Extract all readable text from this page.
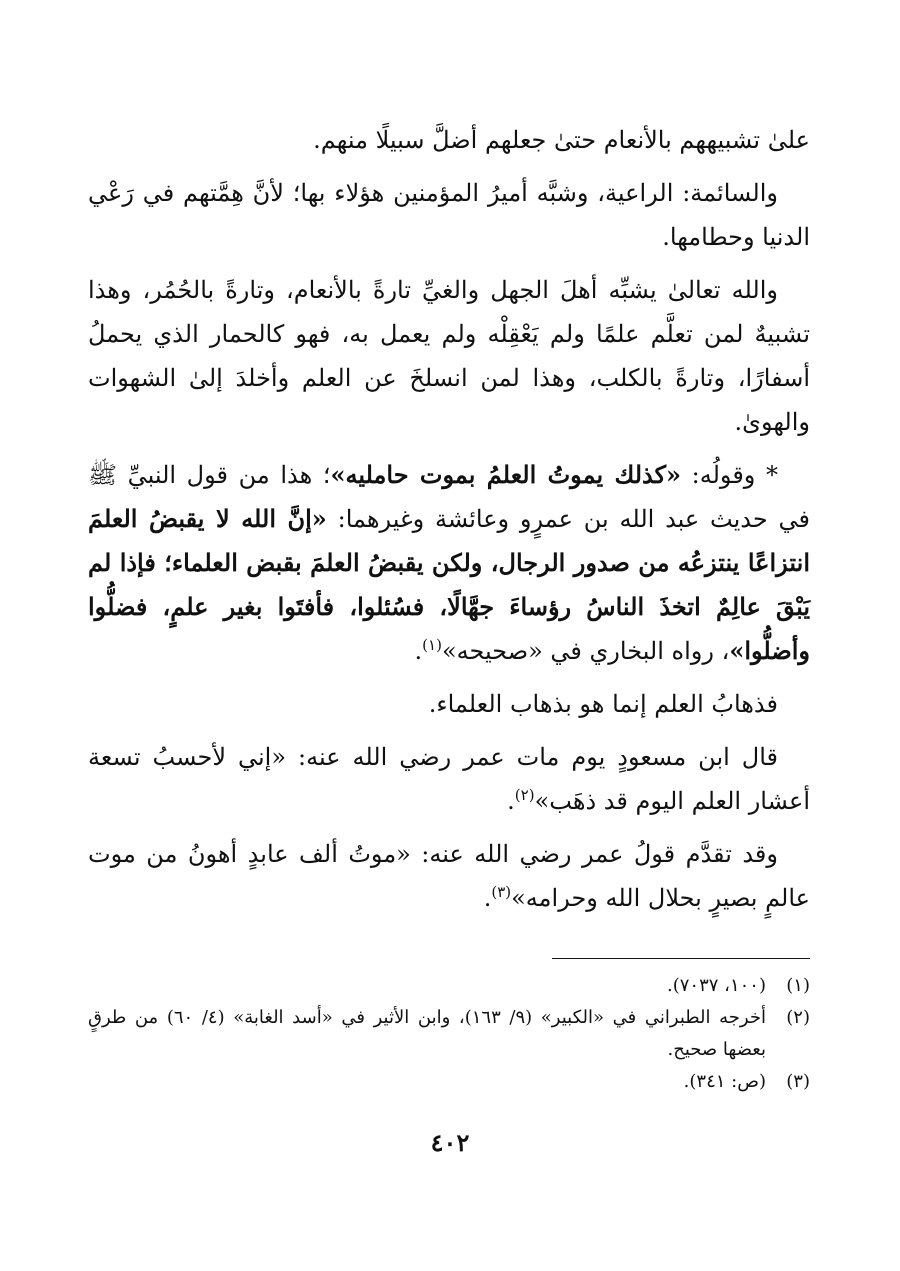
علىٰ تشبيههم بالأنعام حتىٰ جعلهم أضلَّ سبيلًا منهم.

والسائمة: الراعية، وشبَّه أميرُ المؤمنين هؤلاء بها؛ لأنَّ هِمَّتهم في رَعْي الدنيا وحطامها.

والله تعالىٰ يشبِّه أهلَ الجهل والغيِّ تارةً بالأنعام، وتارةً بالحُمُر، وهذا تشبيهٌ لمن تعلَّم علمًا ولم يَعْقِلْه ولم يعمل به، فهو كالحمار الذي يحملُ أسفارًا، وتارةً بالكلب، وهذا لمن انسلخَ عن العلم وأخلدَ إلىٰ الشهوات والهوىٰ.

* وقولُه: «كذلك يموتُ العلمُ بموت حامليه»؛ هذا من قول النبيِّ ﷺ في حديث عبد الله بن عمرٍو وعائشة وغيرهما: «إنَّ الله لا يقبضُ العلمَ انتزاعًا ينتزعُه من صدور الرجال، ولكن يقبضُ العلمَ بقبض العلماء؛ فإذا لم يَبْقَ عالِمٌ اتخذَ الناسُ رؤساءَ جهَّالًا، فسُئلوا، فأفتَوا بغير علمٍ، فضلُّوا وأضلُّوا»، رواه البخاري في «صحيحه»$^{(١)}$.

فذهابُ العلم إنما هو بذهاب العلماء.

قال ابن مسعودٍ يوم مات عمر رضي الله عنه: «إني لأحسبُ تسعة أعشار العلم اليوم قد ذهَب»$^{(٢)}$.

وقد تقدَّم قولُ عمر رضي الله عنه: «موتُ ألف عابدٍ أهونُ من موت عالمٍ بصيرٍ بحلال الله وحرامه»$^{(٣)}$.

(١)
(١٠٠، ٧٠٣٧).
(٢)
أخرجه الطبراني في «الكبير» (٩/ ١٦٣)، وابن الأثير في «أسد الغابة» (٤/ ٦٠) من طرقٍ بعضها صحيح.
(٣)
(ص: ٣٤١).
٤٠٢
